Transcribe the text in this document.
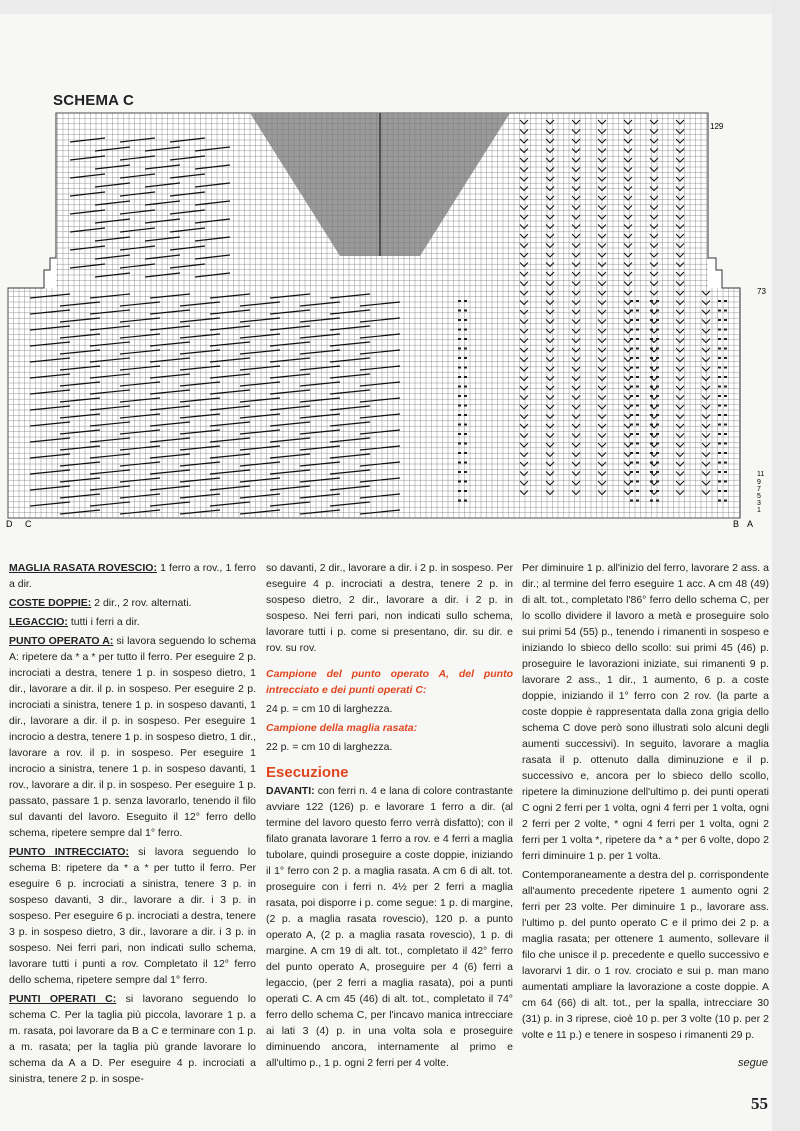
SCHEMA C
129
73
11
9
7
5
3
1
D C	B A

MAGLIA RASATA ROVESCIO: 1 ferro a rov., 1 ferro a dir.

COSTE DOPPIE: 2 dir., 2 rov. alternati.

LEGACCIO: tutti i ferri a dir.

PUNTO OPERATO A: si lavora seguendo lo schema A: ripetere da * a * per tutto il ferro. Per eseguire 2 p. incrociati a destra, tenere 1 p. in sospeso dietro, 1 dir., lavorare a dir. il p. in sospeso. Per eseguire 2 p. incrociati a sinistra, tenere 1 p. in sospeso davanti, 1 dir., lavorare a dir. il p. in sospeso. Per eseguire 1 incrocio a destra, tenere 1 p. in sospeso dietro, 1 dir., lavorare a rov. il p. in sospeso. Per eseguire 1 incrocio a sinistra, tenere 1 p. in sospeso davanti, 1 rov., lavorare a dir. il p. in sospeso. Per eseguire 1 p. passato, passare 1 p. senza lavorarlo, tenendo il filo sul davanti del lavoro. Eseguito il 12° ferro dello schema, ripetere sempre dal 1° ferro.

PUNTO INTRECCIATO: si lavora seguendo lo schema B: ripetere da * a * per tutto il ferro. Per eseguire 6 p. incrociati a sinistra, tenere 3 p. in sospeso davanti, 3 dir., lavorare a dir. i 3 p. in sospeso. Per eseguire 6 p. incrociati a destra, tenere 3 p. in sospeso dietro, 3 dir., lavorare a dir. i 3 p. in sospeso. Nei ferri pari, non indicati sullo schema, lavorare tutti i punti a rov. Completato il 12° ferro dello schema, ripetere sempre dal 1° ferro.

PUNTI OPERATI C: si lavorano seguendo lo schema C. Per la taglia più piccola, lavorare 1 p. a m. rasata, poi lavorare da B a C e terminare con 1 p. a m. rasata; per la taglia più grande lavorare lo schema da A a D. Per eseguire 4 p. incrociati a sinistra, tenere 2 p. in sospe-

so davanti, 2 dir., lavorare a dir. i 2 p. in sospeso. Per eseguire 4 p. incrociati a destra, tenere 2 p. in sospeso dietro, 2 dir., lavorare a dir. i 2 p. in sospeso. Nei ferri pari, non indicati sullo schema, lavorare tutti i p. come si presentano, dir. su dir. e rov. su rov.

Campione del punto operato A, del punto intrecciato e dei punti operati C:

24 p. = cm 10 di larghezza.

Campione della maglia rasata:

22 p. = cm 10 di larghezza.

Esecuzione

DAVANTI: con ferri n. 4 e lana di colore contrastante avviare 122 (126) p. e lavorare 1 ferro a dir. (al termine del lavoro questo ferro verrà disfatto); con il filato granata lavorare 1 ferro a rov. e 4 ferri a maglia tubolare, quindi proseguire a coste doppie, iniziando il 1° ferro con 2 p. a maglia rasata. A cm 6 di alt. tot. proseguire con i ferri n. 4½ per 2 ferri a maglia rasata, poi disporre i p. come segue: 1 p. di margine, (2 p. a maglia rasata rovescio), 120 p. a punto operato A, (2 p. a maglia rasata rovescio), 1 p. di margine. A cm 19 di alt. tot., completato il 42° ferro del punto operato A, proseguire per 4 (6) ferri a legaccio, (per 2 ferri a maglia rasata), poi a punti operati C. A cm 45 (46) di alt. tot., completato il 74° ferro dello schema C, per l'incavo manica intrecciare ai lati 3 (4) p. in una volta sola e proseguire diminuendo ancora, internamente al primo e all'ultimo p., 1 p. ogni 2 ferri per 4 volte.

Per diminuire 1 p. all'inizio del ferro, lavorare 2 ass. a dir.; al termine del ferro eseguire 1 acc. A cm 48 (49) di alt. tot., completato l'86° ferro dello schema C, per lo scollo dividere il lavoro a metà e proseguire solo sui primi 54 (55) p., tenendo i rimanenti in sospeso e iniziando lo sbieco dello scollo: sui primi 45 (46) p. proseguire le lavorazioni iniziate, sui rimanenti 9 p. lavorare 2 ass., 1 dir., 1 aumento, 6 p. a coste doppie, iniziando il 1° ferro con 2 rov. (la parte a coste doppie è rappresentata dalla zona grigia dello schema C dove però sono illustrati solo alcuni degli aumenti successivi). In seguito, lavorare a maglia rasata il p. ottenuto dalla diminuzione e il p. successivo e, ancora per lo sbieco dello scollo, ripetere la diminuzione dell'ultimo p. dei punti operati C ogni 2 ferri per 1 volta, ogni 4 ferri per 1 volta, ogni 2 ferri per 2 volte, * ogni 4 ferri per 1 volta, ogni 2 ferri per 1 volta *, ripetere da * a * per 6 volte, dopo 2 ferri diminuire 1 p. per 1 volta.

Contemporaneamente a destra del p. corrispondente all'aumento precedente ripetere 1 aumento ogni 2 ferri per 23 volte. Per diminuire 1 p., lavorare ass. l'ultimo p. del punto operato C e il primo dei 2 p. a maglia rasata; per ottenere 1 aumento, sollevare il filo che unisce il p. precedente e quello successivo e lavorarvi 1 dir. o 1 rov. crociato e sui p. man mano aumentati ampliare la lavorazione a coste doppie. A cm 64 (66) di alt. tot., per la spalla, intrecciare 30 (31) p. in 3 riprese, cioè 10 p. per 3 volte (10 p. per 2 volte e 11 p.) e tenere in sospeso i rimanenti 29 p.

segue
55
